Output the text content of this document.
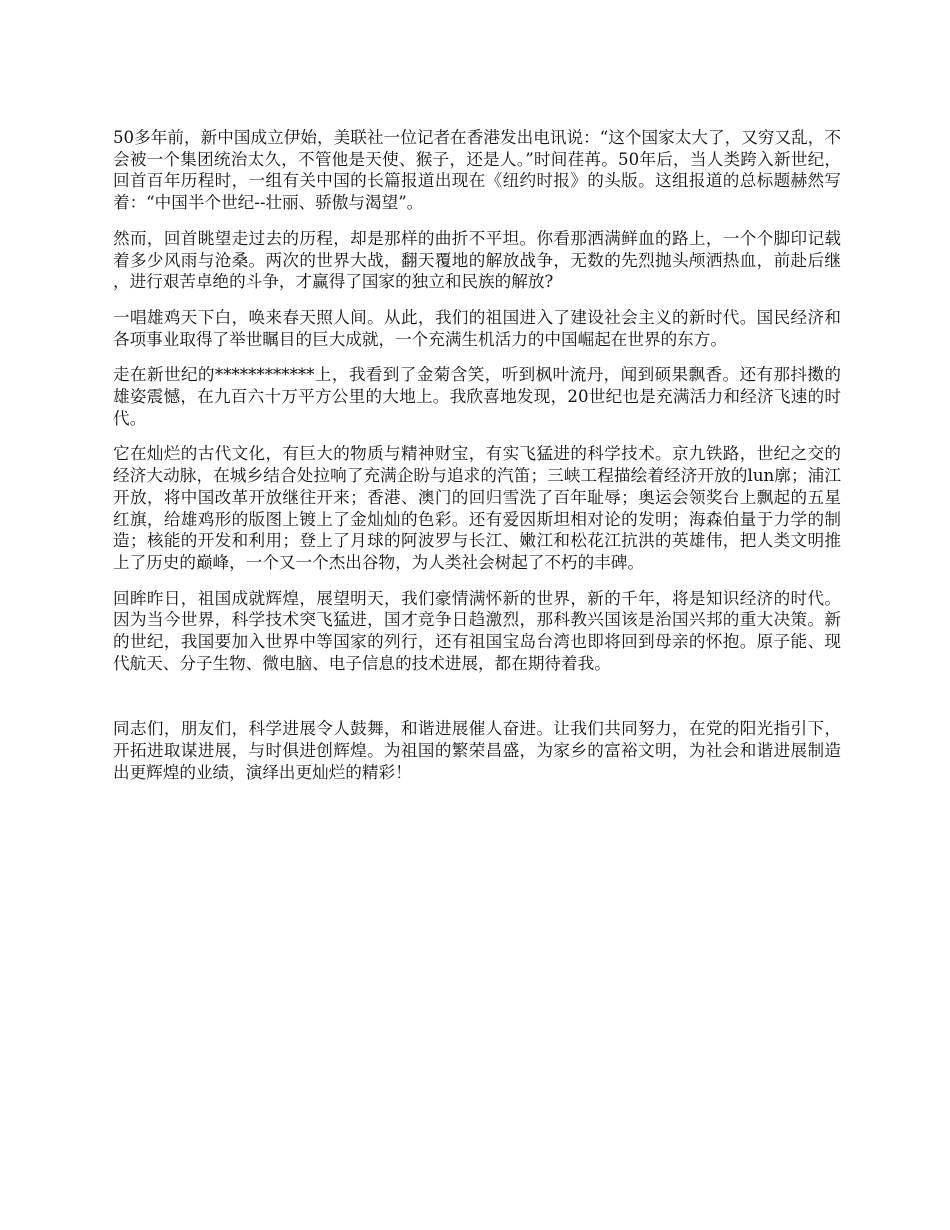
50多年前，新中国成立伊始，美联社一位记者在香港发出电讯说：“这个国家太大了，又穷又乱，不会被一个集团统治太久，不管他是天使、猴子，还是人。”时间荏苒。50年后，当人类跨入新世纪，回首百年历程时，一组有关中国的长篇报道出现在《纽约时报》的头版。这组报道的总标题赫然写着：“中国半个世纪--壮丽、骄傲与渴望”。

然而，回首眺望走过去的历程，却是那样的曲折不平坦。你看那洒满鲜血的路上，一个个脚印记载着多少风雨与沧桑。两次的世界大战，翻天覆地的解放战争，无数的先烈抛头颅洒热血，前赴后继，进行艰苦卓绝的斗争，才赢得了国家的独立和民族的解放?

一唱雄鸡天下白，唤来春天照人间。从此，我们的祖国进入了建设社会主义的新时代。国民经济和各项事业取得了举世瞩目的巨大成就，一个充满生机活力的中国崛起在世界的东方。

走在新世纪的************上，我看到了金菊含笑，听到枫叶流丹，闻到硕果飘香。还有那抖擞的雄姿震憾，在九百六十万平方公里的大地上。我欣喜地发现，20世纪也是充满活力和经济飞速的时代。

它在灿烂的古代文化，有巨大的物质与精神财宝，有实飞猛进的科学技术。京九铁路，世纪之交的经济大动脉，在城乡结合处拉响了充满企盼与追求的汽笛；三峡工程描绘着经济开放的lun廓；浦江开放，将中国改革开放继往开来；香港、澳门的回归雪洗了百年耻辱；奥运会领奖台上飘起的五星红旗，给雄鸡形的版图上镀上了金灿灿的色彩。还有爱因斯坦相对论的发明；海森伯量于力学的制造；核能的开发和利用；登上了月球的阿波罗与长江、嫩江和松花江抗洪的英雄伟，把人类文明推上了历史的巅峰，一个又一个杰出谷物，为人类社会树起了不朽的丰碑。

回眸昨日，祖国成就辉煌，展望明天，我们豪情满怀新的世界，新的千年，将是知识经济的时代。因为当今世界，科学技术突飞猛进，国才竞争日趋激烈，那科教兴国该是治国兴邦的重大决策。新的世纪，我国要加入世界中等国家的列行，还有祖国宝岛台湾也即将回到母亲的怀抱。原子能、现代航天、分子生物、微电脑、电子信息的技术进展，都在期待着我。

同志们，朋友们，科学进展令人鼓舞，和谐进展催人奋进。让我们共同努力，在党的阳光指引下，开拓进取谋进展，与时俱进创辉煌。为祖国的繁荣昌盛，为家乡的富裕文明，为社会和谐进展制造出更辉煌的业绩，演绎出更灿烂的精彩！
